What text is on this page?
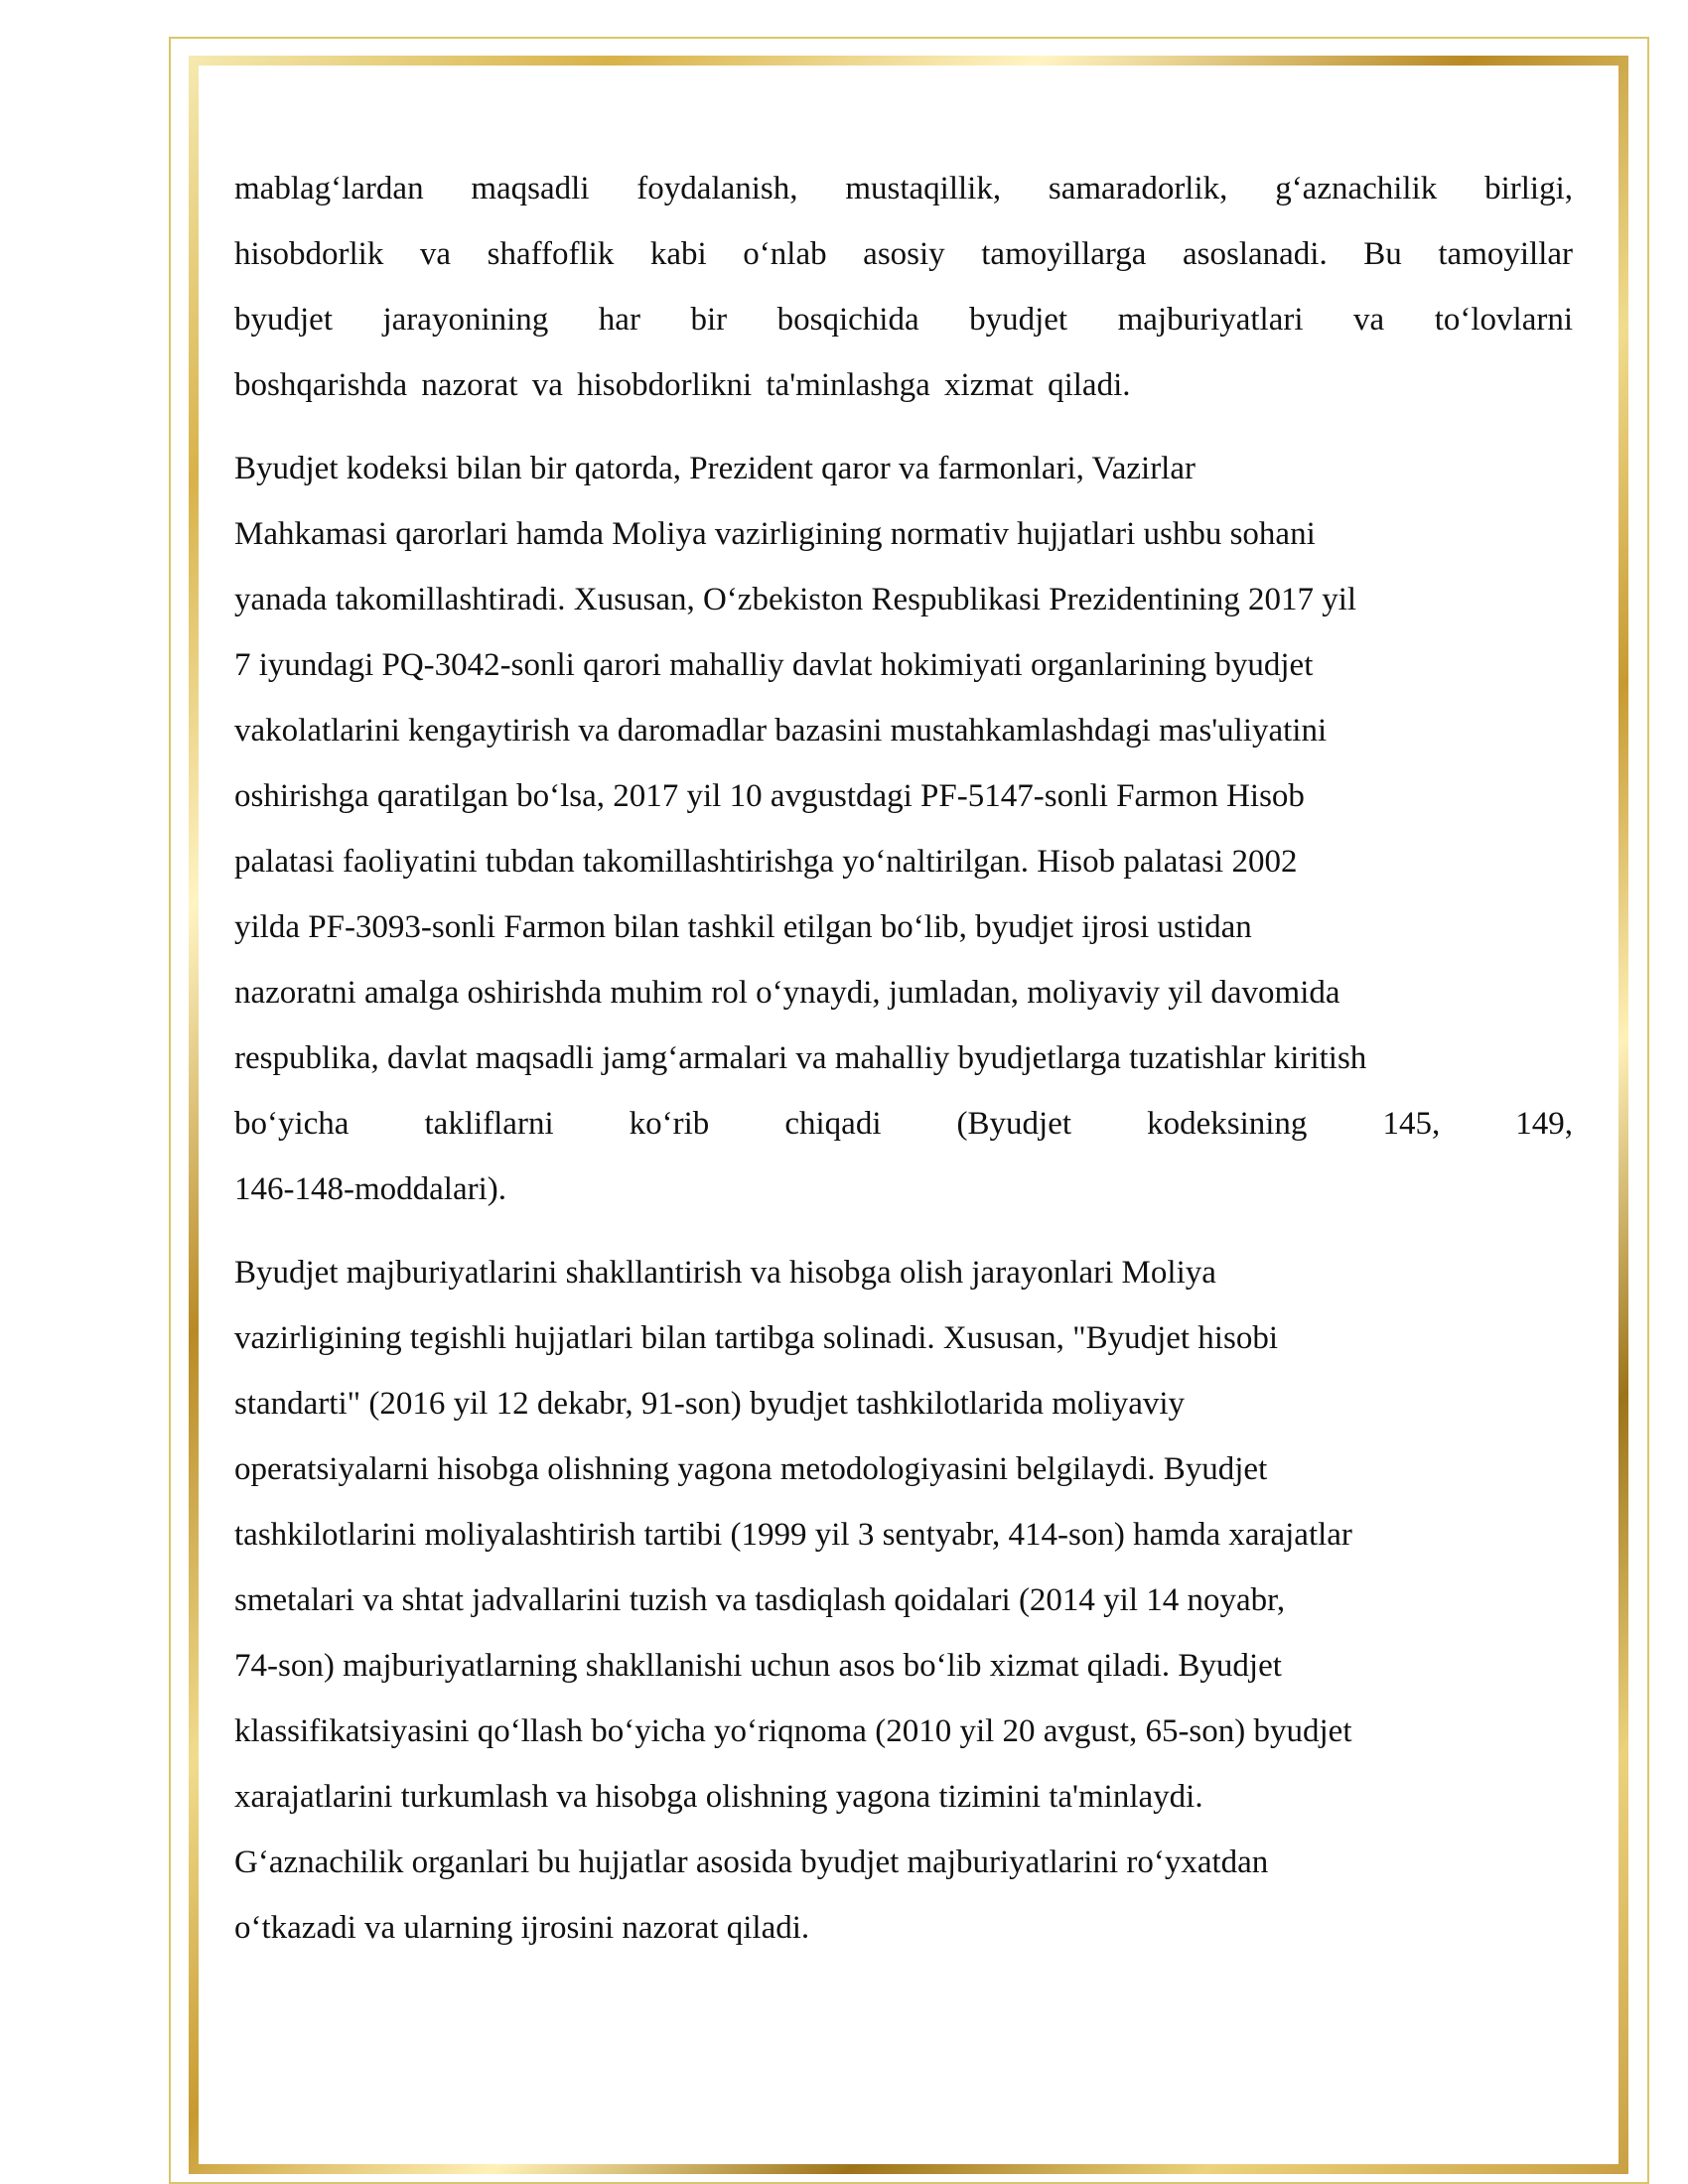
mablag‘lardan maqsadli foydalanish, mustaqillik, samaradorlik, g‘aznachilik birligi,
hisobdorlik va shaffoflik kabi o‘nlab asosiy tamoyillarga asoslanadi. Bu tamoyillar
byudjet jarayonining har bir bosqichida byudjet majburiyatlari va to‘lovlarni
boshqarishda nazorat va hisobdorlikni ta'minlashga xizmat qiladi.

Byudjet kodeksi bilan bir qatorda, Prezident qaror va farmonlari, Vazirlar
Mahkamasi qarorlari hamda Moliya vazirligining normativ hujjatlari ushbu sohani
yanada takomillashtiradi. Xususan, O‘zbekiston Respublikasi Prezidentining 2017 yil
7 iyundagi PQ-3042-sonli qarori mahalliy davlat hokimiyati organlarining byudjet
vakolatlarini kengaytirish va daromadlar bazasini mustahkamlashdagi mas'uliyatini
oshirishga qaratilgan bo‘lsa, 2017 yil 10 avgustdagi PF-5147-sonli Farmon Hisob
palatasi faoliyatini tubdan takomillashtirishga yo‘naltirilgan. Hisob palatasi 2002
yilda PF-3093-sonli Farmon bilan tashkil etilgan bo‘lib, byudjet ijrosi ustidan
nazoratni amalga oshirishda muhim rol o‘ynaydi, jumladan, moliyaviy yil davomida
respublika, davlat maqsadli jamg‘armalari va mahalliy byudjetlarga tuzatishlar kiritish
bo‘yicha takliflarni ko‘rib chiqadi (Byudjet kodeksining 145, 149,
146-148-moddalari).

Byudjet majburiyatlarini shakllantirish va hisobga olish jarayonlari Moliya
vazirligining tegishli hujjatlari bilan tartibga solinadi. Xususan, "Byudjet hisobi
standarti" (2016 yil 12 dekabr, 91-son) byudjet tashkilotlarida moliyaviy
operatsiyalarni hisobga olishning yagona metodologiyasini belgilaydi. Byudjet
tashkilotlarini moliyalashtirish tartibi (1999 yil 3 sentyabr, 414-son) hamda xarajatlar
smetalari va shtat jadvallarini tuzish va tasdiqlash qoidalari (2014 yil 14 noyabr,
74-son) majburiyatlarning shakllanishi uchun asos bo‘lib xizmat qiladi. Byudjet
klassifikatsiyasini qo‘llash bo‘yicha yo‘riqnoma (2010 yil 20 avgust, 65-son) byudjet
xarajatlarini turkumlash va hisobga olishning yagona tizimini ta'minlaydi.
G‘aznachilik organlari bu hujjatlar asosida byudjet majburiyatlarini ro‘yxatdan
o‘tkazadi va ularning ijrosini nazorat qiladi.
